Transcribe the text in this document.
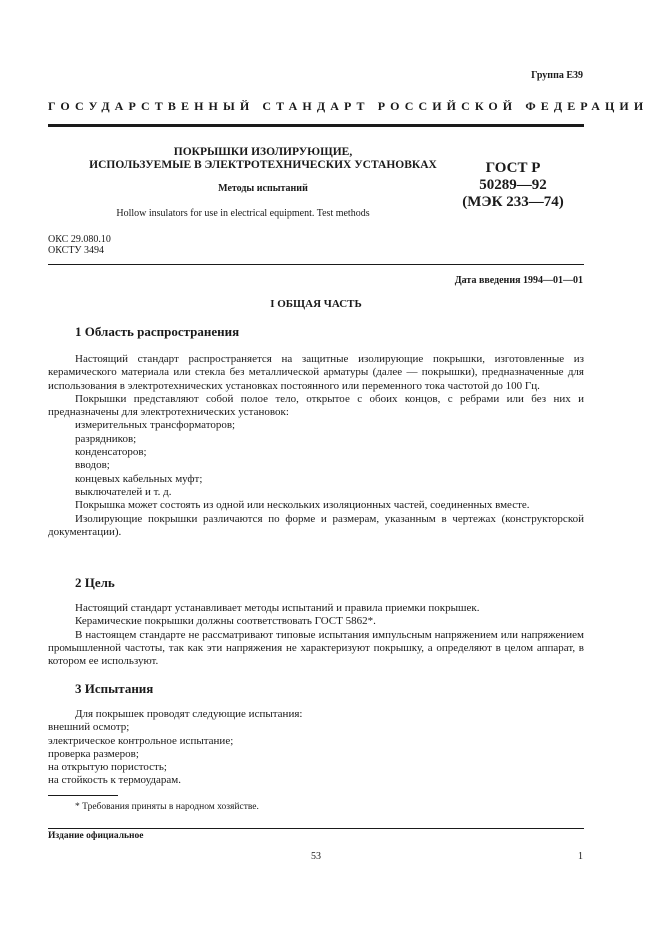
Группа Е39
ГОСУДАРСТВЕННЫЙ СТАНДАРТ РОССИЙСКОЙ ФЕДЕРАЦИИ
ПОКРЫШКИ ИЗОЛИРУЮЩИЕ,
ИСПОЛЬЗУЕМЫЕ В ЭЛЕКТРОТЕХНИЧЕСКИХ УСТАНОВКАХ
Методы испытаний
Hollow insulators for use in electrical equipment. Test methods
ГОСТ Р
50289—92
(МЭК 233—74)
ОКС 29.080.10
ОКСТУ 3494
Дата введения 1994—01—01
I ОБЩАЯ ЧАСТЬ
1 Область распространения

Настоящий стандарт распространяется на защитные изолирующие покрышки, изготовленные из керамического материала или стекла без металлической арматуры (далее — покрышки), предназначенные для использования в электротехнических установках постоянного или переменного тока частотой до 100 Гц.

Покрышки представляют собой полое тело, открытое с обоих концов, с ребрами или без них и предназначены для электротехнических установок:

измерительных трансформаторов;

разрядников;

конденсаторов;

вводов;

концевых кабельных муфт;

выключателей и т. д.

Покрышка может состоять из одной или нескольких изоляционных частей, соединенных вместе.

Изолирующие покрышки различаются по форме и размерам, указанным в чертежах (конструкторской документации).

2 Цель

Настоящий стандарт устанавливает методы испытаний и правила приемки покрышек.

Керамические покрышки должны соответствовать ГОСТ 5862*.

В настоящем стандарте не рассматривают типовые испытания импульсным напряжением или напряжением промышленной частоты, так как эти напряжения не характеризуют покрышку, а определяют в целом аппарат, в котором ее используют.

3 Испытания

Для покрышек проводят следующие испытания:

внешний осмотр;

электрическое контрольное испытание;

проверка размеров;

на открытую пористость;

на стойкость к термоударам.

* Требования приняты в народном хозяйстве.
Издание официальное
53	1
